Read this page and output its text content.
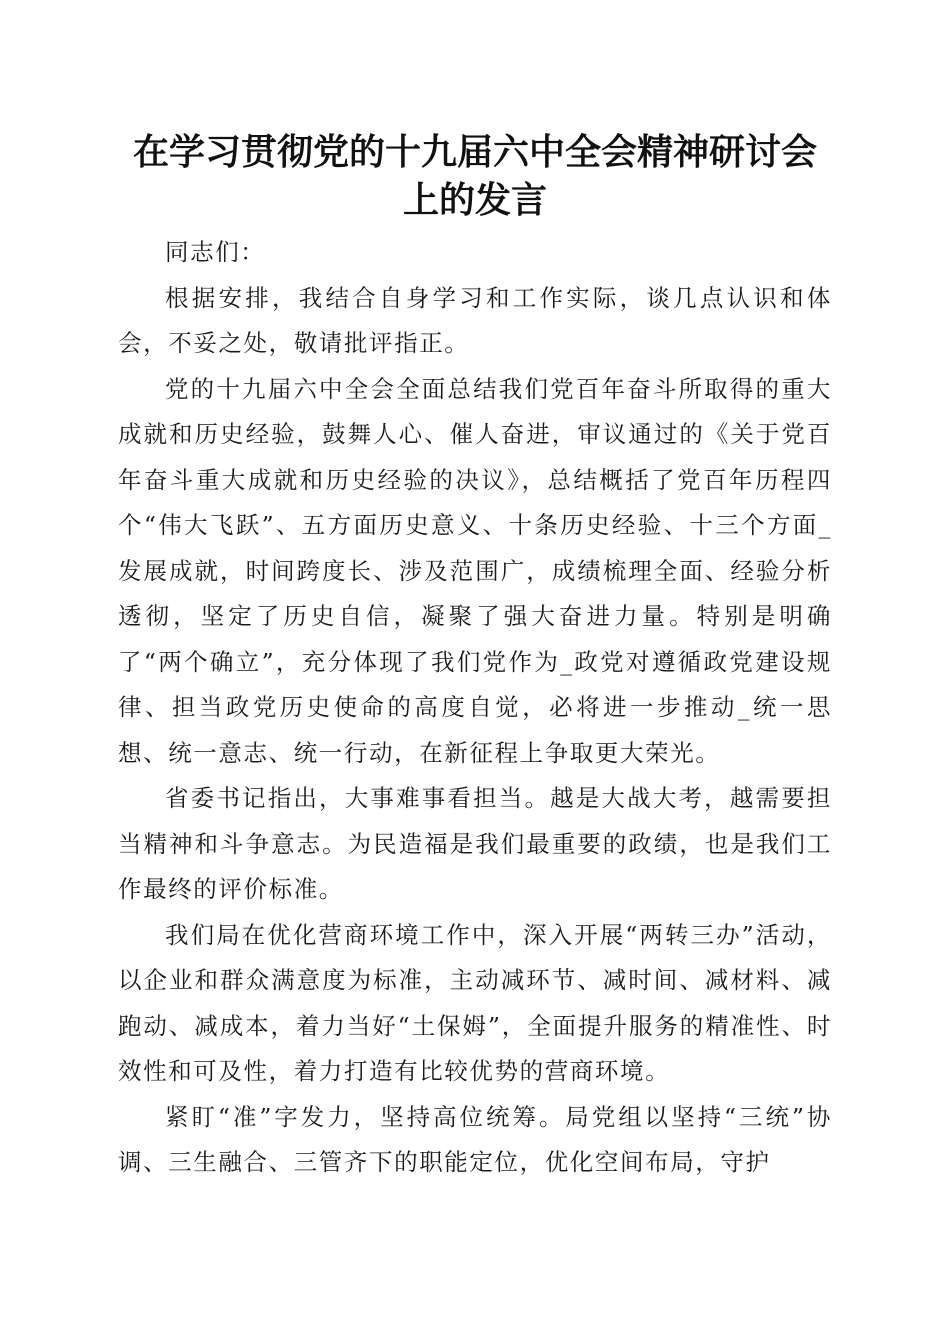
在学习贯彻党的十九届六中全会精神研讨会上的发言

同志们：

根据安排，我结合自身学习和工作实际，谈几点认识和体会，不妥之处，敬请批评指正。

党的十九届六中全会全面总结我们党百年奋斗所取得的重大成就和历史经验，鼓舞人心、催人奋进，审议通过的《关于党百年奋斗重大成就和历史经验的决议》，总结概括了党百年历程四个“伟大飞跃”、五方面历史意义、十条历史经验、十三个方面_发展成就，时间跨度长、涉及范围广，成绩梳理全面、经验分析透彻，坚定了历史自信，凝聚了强大奋进力量。特别是明确了“两个确立”，充分体现了我们党作为_政党对遵循政党建设规律、担当政党历史使命的高度自觉，必将进一步推动_统一思想、统一意志、统一行动，在新征程上争取更大荣光。

省委书记指出，大事难事看担当。越是大战大考，越需要担当精神和斗争意志。为民造福是我们最重要的政绩，也是我们工作最终的评价标准。

我们局在优化营商环境工作中，深入开展“两转三办”活动，以企业和群众满意度为标准，主动减环节、减时间、减材料、减跑动、减成本，着力当好“土保姆”，全面提升服务的精准性、时效性和可及性，着力打造有比较优势的营商环境。

紧盯“准”字发力，坚持高位统筹。局党组以坚持“三统”协调、三生融合、三管齐下的职能定位，优化空间布局，守护
